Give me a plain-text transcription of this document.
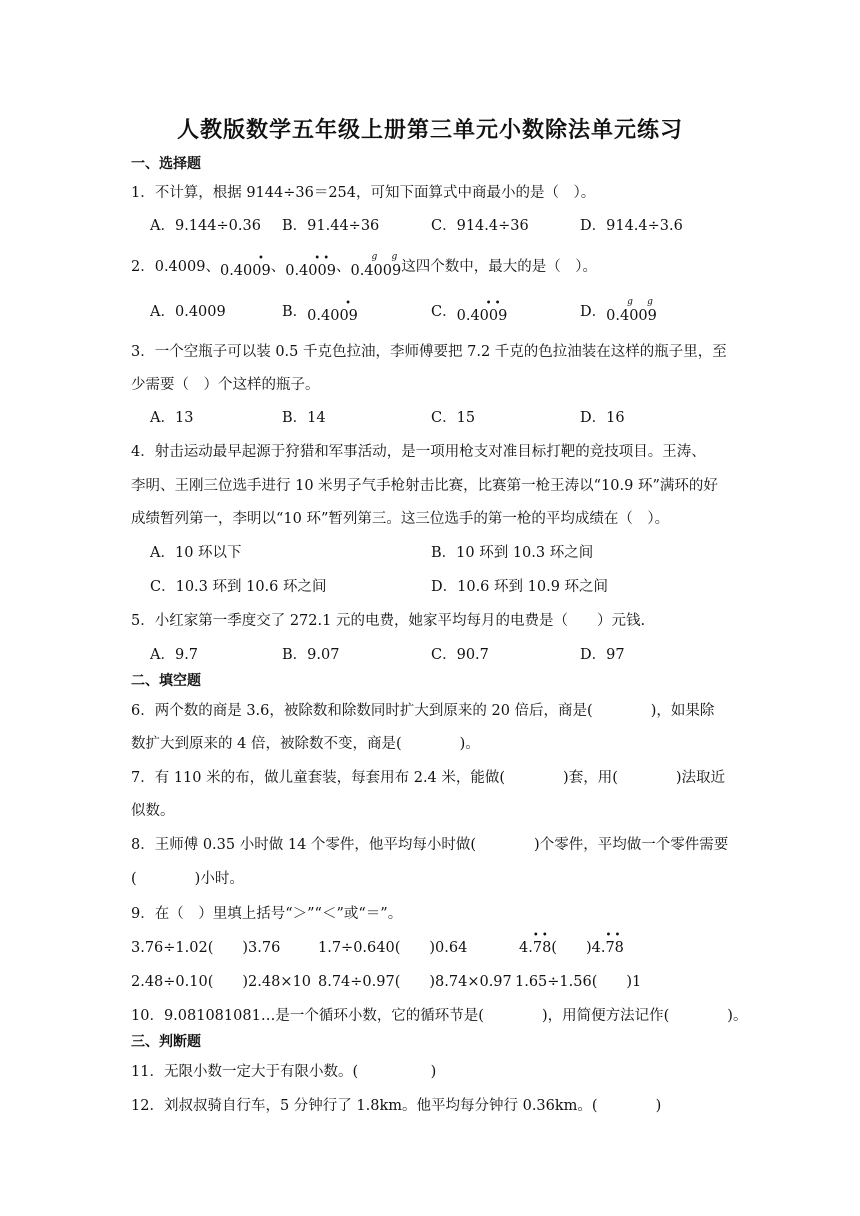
人教版数学五年级上册第三单元小数除法单元练习
一、选择题
1．不计算，根据 9144÷36＝254，可知下面算式中商最小的是（　）。
A．9.144÷0.36 B．91.44÷36	C．914.4÷36	D．914.4÷3.6
2．0.4009、0.4009
•
、0.4009
• •
、0.4009
g g
这四个数中，最大的是（　）。
A．0.4009	B．0.4009
•
C．0.4009
• •
D．0.4009
g g
3．一个空瓶子可以装 0.5 千克色拉油，李师傅要把 7.2 千克的色拉油装在这样的瓶子里，至
少需要（　）个这样的瓶子。
A．13	B．14	C．15	D．16
4．射击运动最早起源于狩猎和军事活动，是一项用枪支对准目标打靶的竞技项目。王涛、
李明、王刚三位选手进行 10 米男子气手枪射击比赛，比赛第一枪王涛以“10.9 环”满环的好
成绩暂列第一，李明以“10 环”暂列第三。这三位选手的第一枪的平均成绩在（　）。
A．10 环以下	B．10 环到 10.3 环之间
C．10.3 环到 10.6 环之间	D．10.6 环到 10.9 环之间
5．小红家第一季度交了 272.1 元的电费，她家平均每月的电费是（　　）元钱.
A．9.7	B．9.07	C．90.7	D．97
二、填空题
6．两个数的商是 3.6，被除数和除数同时扩大到原来的 20 倍后，商是(　　　　)，如果除
数扩大到原来的 4 倍，被除数不变，商是(　　　　)。
7．有 110 米的布，做儿童套装，每套用布 2.4 米，能做(　　　　)套，用(　　　　)法取近
似数。
8．王师傅 0.35 小时做 14 个零件，他平均每小时做(　　　　)个零件，平均做一个零件需要
(　　　　)小时。
9．在（　）里填上括号“＞”“＜”或“＝”。
3.76÷1.02(　　)3.76	1.7÷0.640(　　)0.64	4.78
• •
(　　)4.78
• •
2.48÷0.10(　　)2.48×10 8.74÷0.97(　　)8.74×0.97 1.65÷1.56(　　)1
10．9.081081081…是一个循环小数，它的循环节是(　　　　)，用简便方法记作(　　　　)。
三、判断题
11．无限小数一定大于有限小数。(　　　　　)
12．刘叔叔骑自行车，5 分钟行了 1.8km。他平均每分钟行 0.36km。(　　　　)
